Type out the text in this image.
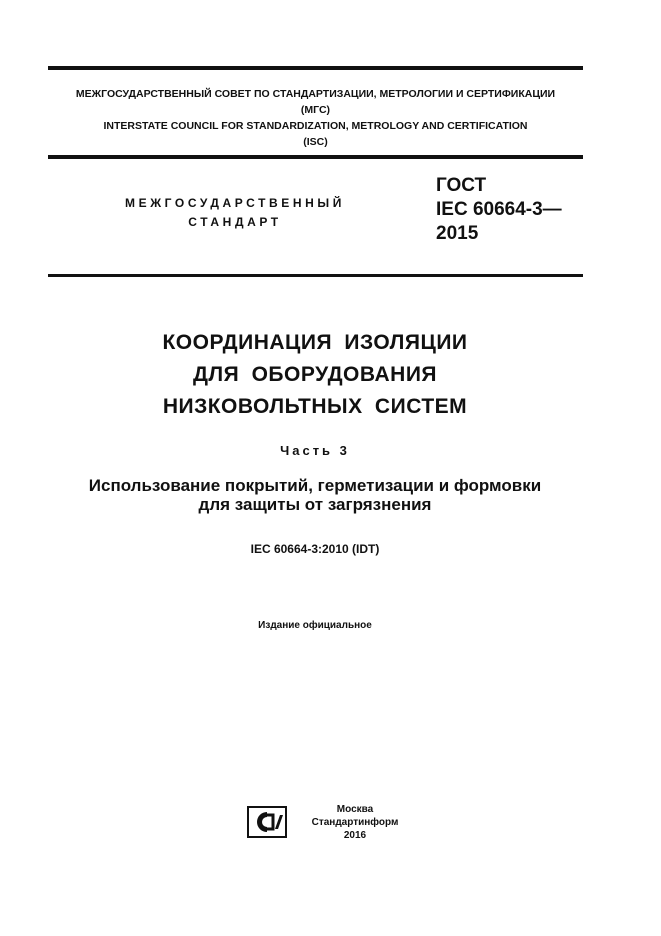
МЕЖГОСУДАРСТВЕННЫЙ СОВЕТ ПО СТАНДАРТИЗАЦИИ, МЕТРОЛОГИИ И СЕРТИФИКАЦИИ
(МГС)
INTERSTATE COUNCIL FOR STANDARDIZATION, METROLOGY AND CERTIFICATION
(ISC)
МЕЖГОСУДАРСТВЕННЫЙ
СТАНДАРТ
ГОСТ
IEC 60664-3—
2015
КООРДИНАЦИЯ ИЗОЛЯЦИИ
ДЛЯ ОБОРУДОВАНИЯ
НИЗКОВОЛЬТНЫХ СИСТЕМ
Часть 3
Использование покрытий, герметизации и формовки
для защиты от загрязнения
IEC 60664-3:2010 (IDT)
Издание официальное
Москва
Стандартинформ
2016
